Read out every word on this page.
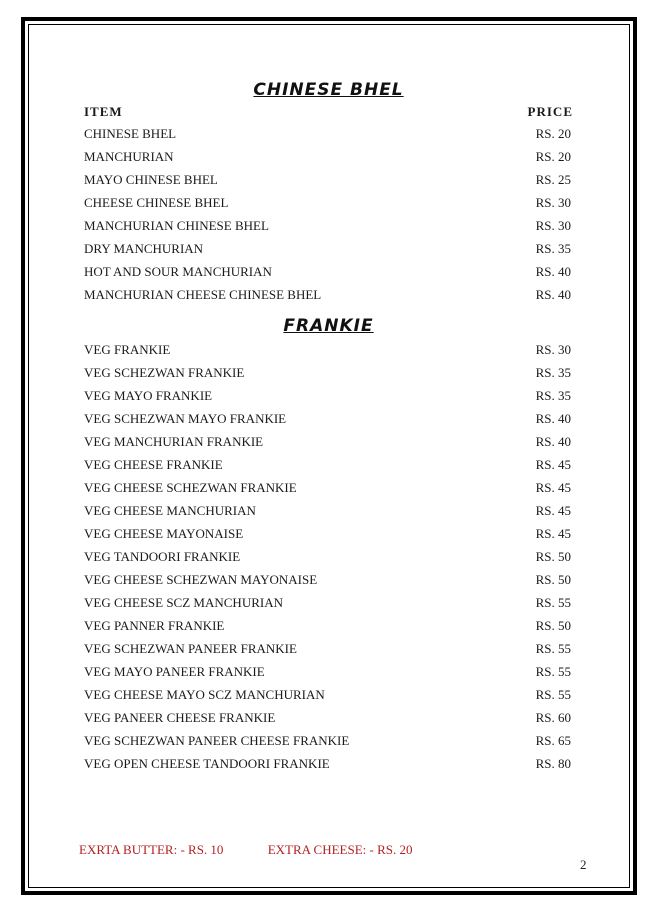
CHINESE BHEL
ITEM	PRICE
CHINESE BHEL	RS. 20
MANCHURIAN	RS. 20
MAYO CHINESE BHEL	RS. 25
CHEESE CHINESE BHEL	RS. 30
MANCHURIAN CHINESE BHEL	RS. 30
DRY MANCHURIAN	RS. 35
HOT AND SOUR MANCHURIAN	RS. 40
MANCHURIAN CHEESE CHINESE BHEL	RS. 40
FRANKIE
VEG FRANKIE	RS. 30
VEG SCHEZWAN FRANKIE	RS. 35
VEG MAYO FRANKIE	RS. 35
VEG SCHEZWAN MAYO FRANKIE	RS. 40
VEG MANCHURIAN FRANKIE	RS. 40
VEG CHEESE FRANKIE	RS. 45
VEG CHEESE SCHEZWAN FRANKIE	RS. 45
VEG CHEESE MANCHURIAN	RS. 45
VEG CHEESE MAYONAISE	RS. 45
VEG TANDOORI FRANKIE	RS. 50
VEG CHEESE SCHEZWAN MAYONAISE	RS. 50
VEG CHEESE SCZ MANCHURIAN	RS. 55
VEG PANNER FRANKIE	RS. 50
VEG SCHEZWAN PANEER FRANKIE	RS. 55
VEG MAYO PANEER FRANKIE	RS. 55
VEG CHEESE MAYO SCZ MANCHURIAN	RS. 55
VEG PANEER CHEESE FRANKIE	RS. 60
VEG SCHEZWAN PANEER CHEESE FRANKIE	RS. 65
VEG OPEN CHEESE TANDOORI FRANKIE	RS. 80
EXRTA BUTTER: - RS. 10	EXTRA CHEESE: - RS. 20
2
